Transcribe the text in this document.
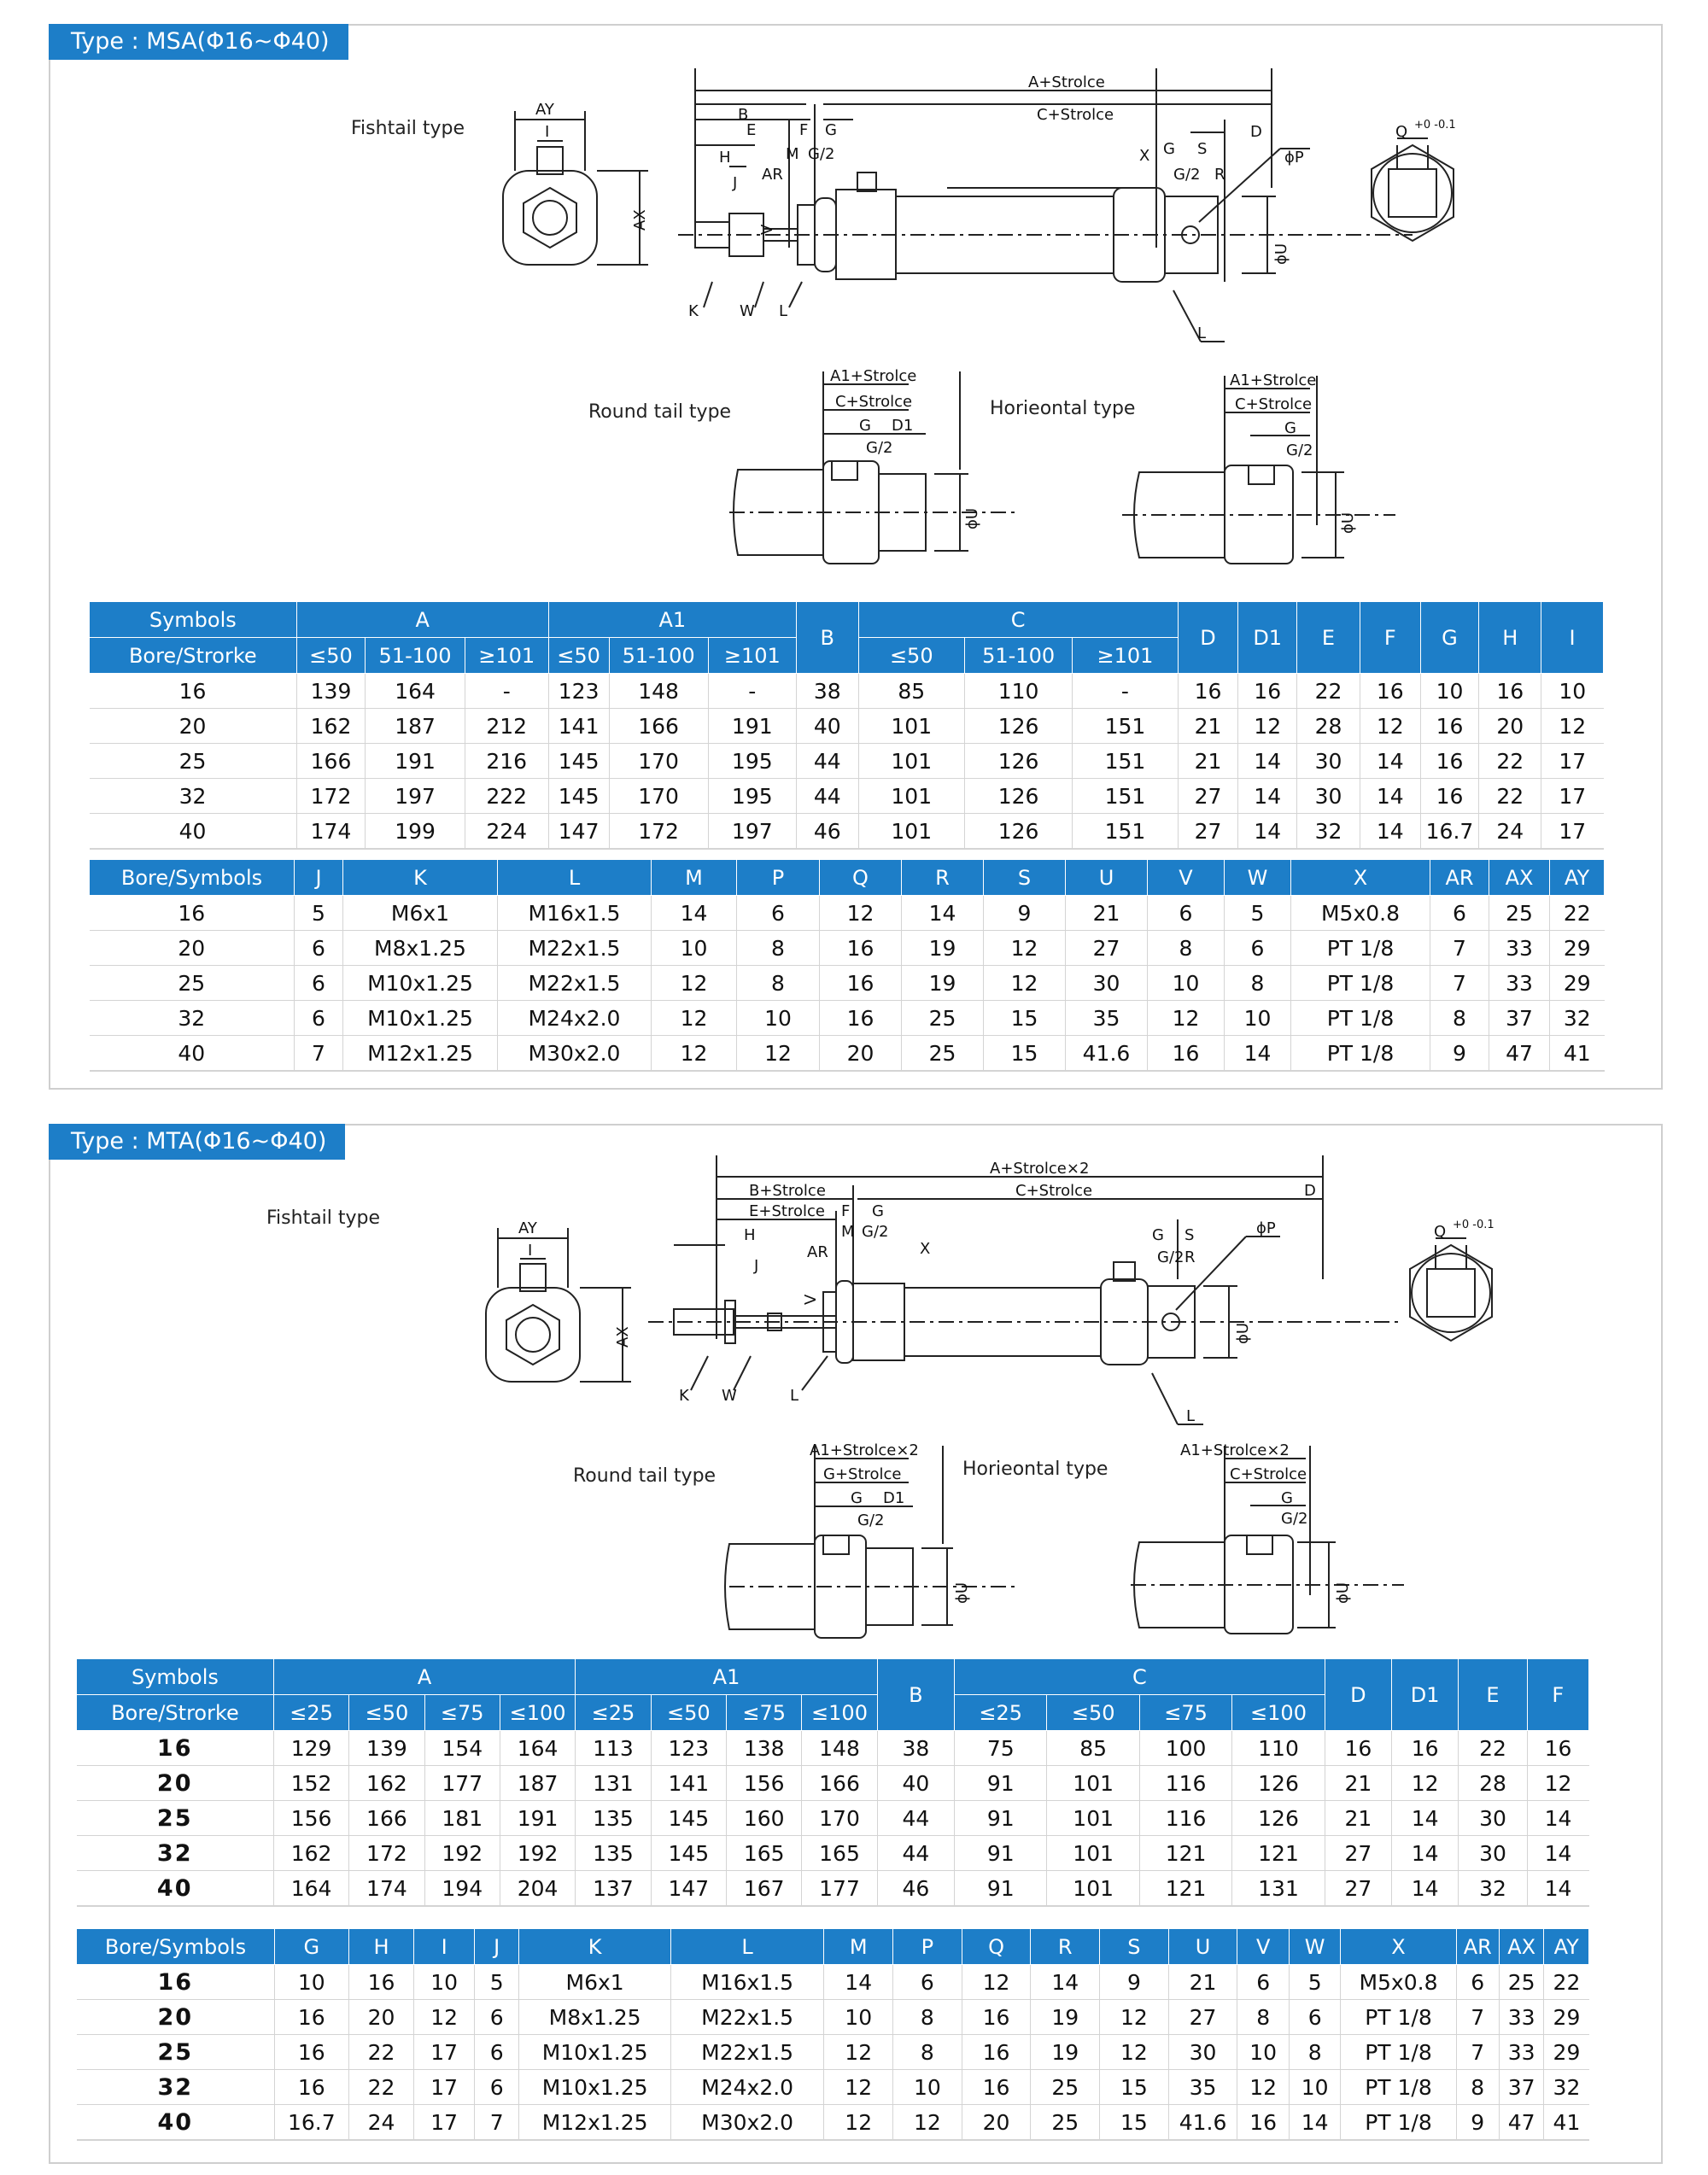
Type : MSA(Φ16~Φ40)
Fishtail type
Round tail type	Horieontal type
AY
I
AX
A+Strolce
C+Strolce
B
E	F G
H	M G/2
J AR
V
K	W L
X G S
G/2 R
D
ϕP
ϕU
L
Q +0 -0.1
A1+Strolce
C+Strolce
G D1
G/2
ϕU
A1+Strolce
C+Strolce
G
G/2
ϕU
Symbols	A			A1			B	C			D	D1	E	F	G	H	I
Bore/Strorke	≤50	51-100	≥101	≤50	51-100	≥101		≤50	51-100	≥101							
16	139	164	-	123	148	-	38	85	110	-	16	16	22	16	10	16	10
20	162	187	212	141	166	191	40	101	126	151	21	12	28	12	16	20	12
25	166	191	216	145	170	195	44	101	126	151	21	14	30	14	16	22	17
32	172	197	222	145	170	195	44	101	126	151	27	14	30	14	16	22	17
40	174	199	224	147	172	197	46	101	126	151	27	14	32	14	16.7	24	17
Bore/Symbols	J	K	L	M	P	Q	R	S	U	V	W	X	AR	AX	AY
16	5	M6x1	M16x1.5	14	6	12	14	9	21	6	5	M5x0.8	6	25	22
20	6	M8x1.25	M22x1.5	10	8	16	19	12	27	8	6	PT 1/8	7	33	29
25	6	M10x1.25	M22x1.5	12	8	16	19	12	30	10	8	PT 1/8	7	33	29
32	6	M10x1.25	M24x2.0	12	10	16	25	15	35	12	10	PT 1/8	8	37	32
40	7	M12x1.25	M30x2.0	12	12	20	25	15	41.6	16	14	PT 1/8	9	47	41
Type : MTA(Φ16~Φ40)
Fishtail type
Round tail type	Horieontal type
AY
I
AX
A+Strolce×2
C+Strolce
B+Strolce
E+Strolce F G
H	M G/2
J
AR	X
V
K W	L
G S
G/2 R
D
ϕP
ϕU
L
Q +0 -0.1
A1+Strolce×2
G+Strolce
G D1
G/2
ϕU
A1+Strolce×2
C+Strolce
G
G/2
ϕU
Symbols	A				A1				B	C				D	D1	E	F
Bore/Strorke	≤25	≤50	≤75	≤100	≤25	≤50	≤75	≤100		≤25	≤50	≤75	≤100				
16	129	139	154	164	113	123	138	148	38	75	85	100	110	16	16	22	16
20	152	162	177	187	131	141	156	166	40	91	101	116	126	21	12	28	12
25	156	166	181	191	135	145	160	170	44	91	101	116	126	21	14	30	14
32	162	172	192	192	135	145	165	165	44	91	101	121	121	27	14	30	14
40	164	174	194	204	137	147	167	177	46	91	101	121	131	27	14	32	14
Bore/Symbols	G	H	I	J	K	L	M	P	Q	R	S	U	V	W	X	AR	AX	AY
16	10	16	10	5	M6x1	M16x1.5	14	6	12	14	9	21	6	5	M5x0.8	6	25	22
20	16	20	12	6	M8x1.25	M22x1.5	10	8	16	19	12	27	8	6	PT 1/8	7	33	29
25	16	22	17	6	M10x1.25	M22x1.5	12	8	16	19	12	30	10	8	PT 1/8	7	33	29
32	16	22	17	6	M10x1.25	M24x2.0	12	10	16	25	15	35	12	10	PT 1/8	8	37	32
40	16.7	24	17	7	M12x1.25	M30x2.0	12	12	20	25	15	41.6	16	14	PT 1/8	9	47	41
